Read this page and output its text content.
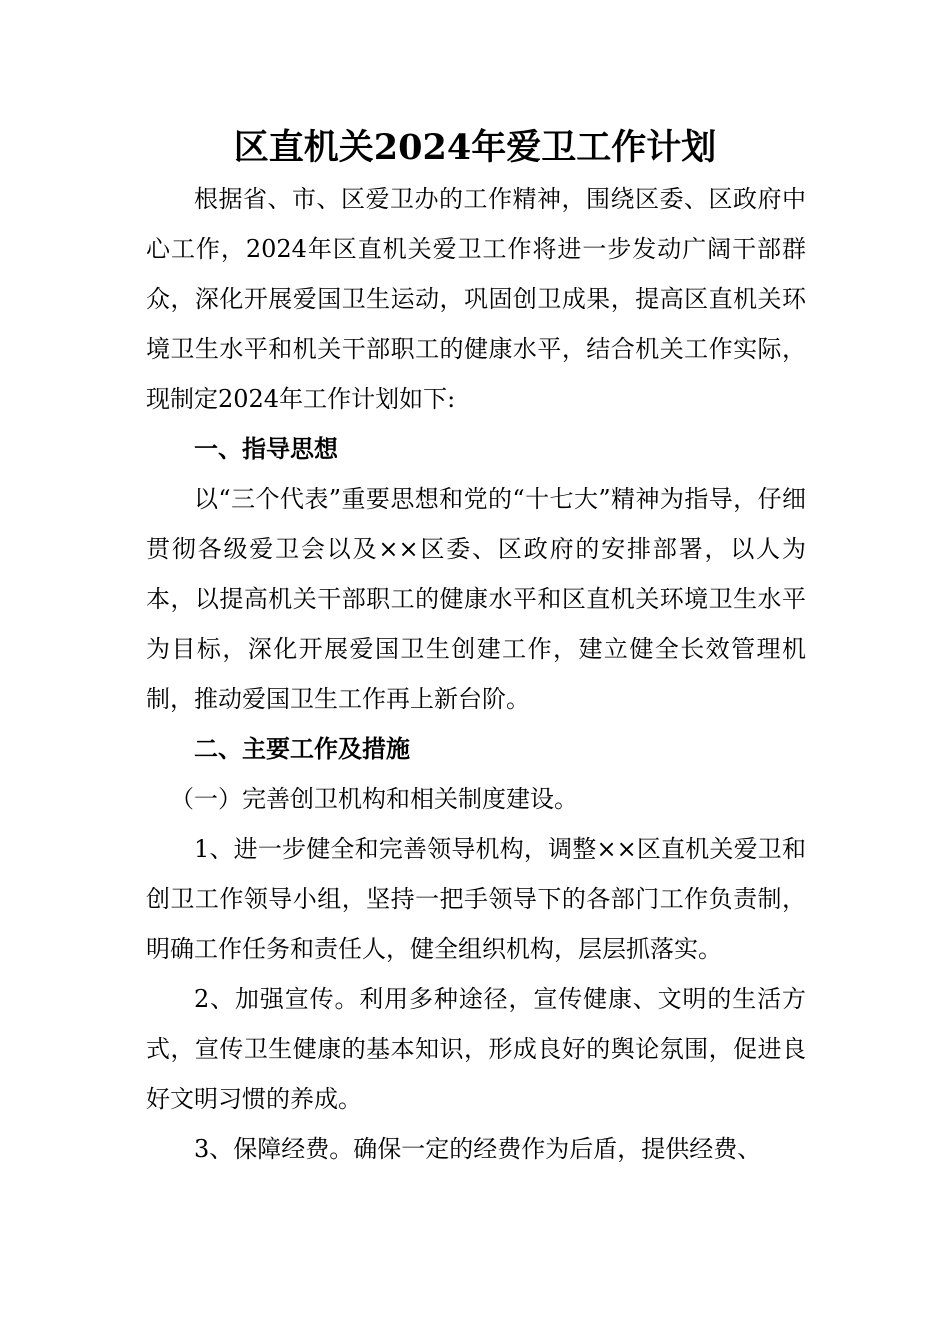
区直机关2024年爱卫工作计划

根据省、市、区爱卫办的工作精神，围绕区委、区政府中心工作，2024年区直机关爱卫工作将进一步发动广阔干部群众，深化开展爱国卫生运动，巩固创卫成果，提高区直机关环境卫生水平和机关干部职工的健康水平，结合机关工作实际，现制定2024年工作计划如下:

一、指导思想

以“三个代表”重要思想和党的“十七大”精神为指导，仔细贯彻各级爱卫会以及××区委、区政府的安排部署，以人为本，以提高机关干部职工的健康水平和区直机关环境卫生水平为目标，深化开展爱国卫生创建工作，建立健全长效管理机制，推动爱国卫生工作再上新台阶。

二、主要工作及措施

（一）完善创卫机构和相关制度建设。

1、进一步健全和完善领导机构，调整××区直机关爱卫和创卫工作领导小组，坚持一把手领导下的各部门工作负责制，明确工作任务和责任人，健全组织机构，层层抓落实。

2、加强宣传。利用多种途径，宣传健康、文明的生活方式，宣传卫生健康的基本知识，形成良好的舆论氛围，促进良好文明习惯的养成。

3、保障经费。确保一定的经费作为后盾，提供经费、
